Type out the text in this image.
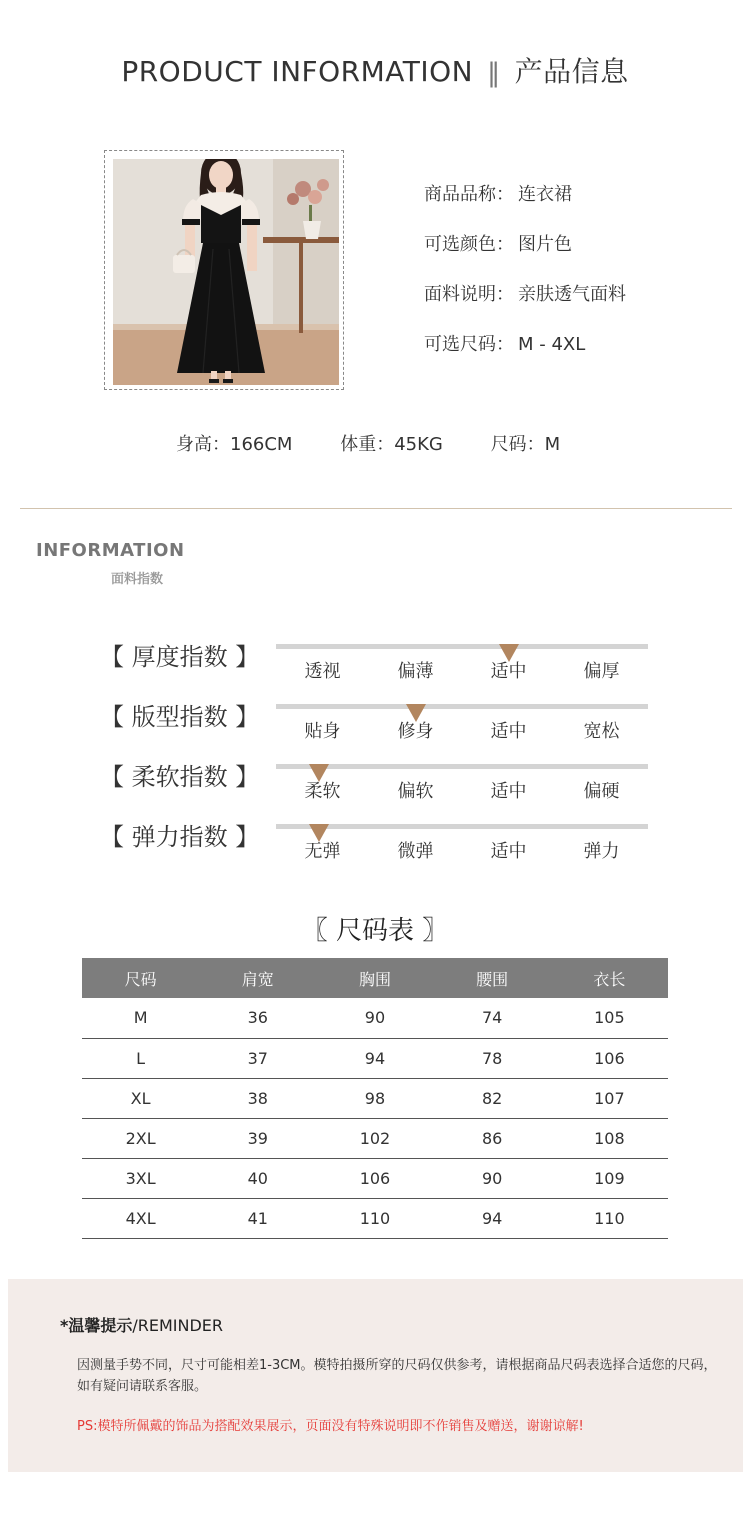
PRODUCT INFORMATION ‖ 产品信息
商品品称： 连衣裙
可选颜色： 图片色
面料说明： 亲肤透气面料
可选尺码： M - 4XL
身高：166CM	体重：45KG	尺码：M
INFORMATION
面料指数
【 厚度指数 】
透视	偏薄	适中	偏厚
【 版型指数 】
贴身	修身	适中	宽松
【 柔软指数 】
柔软	偏软	适中	偏硬
【 弹力指数 】
无弹	微弹	适中	弹力
〖 尺码表 〗
尺码	肩宽	胸围	腰围	衣长
M	36	90	74	105
L	37	94	78	106
XL	38	98	82	107
2XL	39	102	86	108
3XL	40	106	90	109
4XL	41	110	94	110
*温馨提示/REMINDER
因测量手势不同，尺寸可能相差1-3CM。模特拍摄所穿的尺码仅供参考，请根据商品尺码表选择合适您的尺码，如有疑问请联系客服。
PS:模特所佩戴的饰品为搭配效果展示，页面没有特殊说明即不作销售及赠送，谢谢谅解!
